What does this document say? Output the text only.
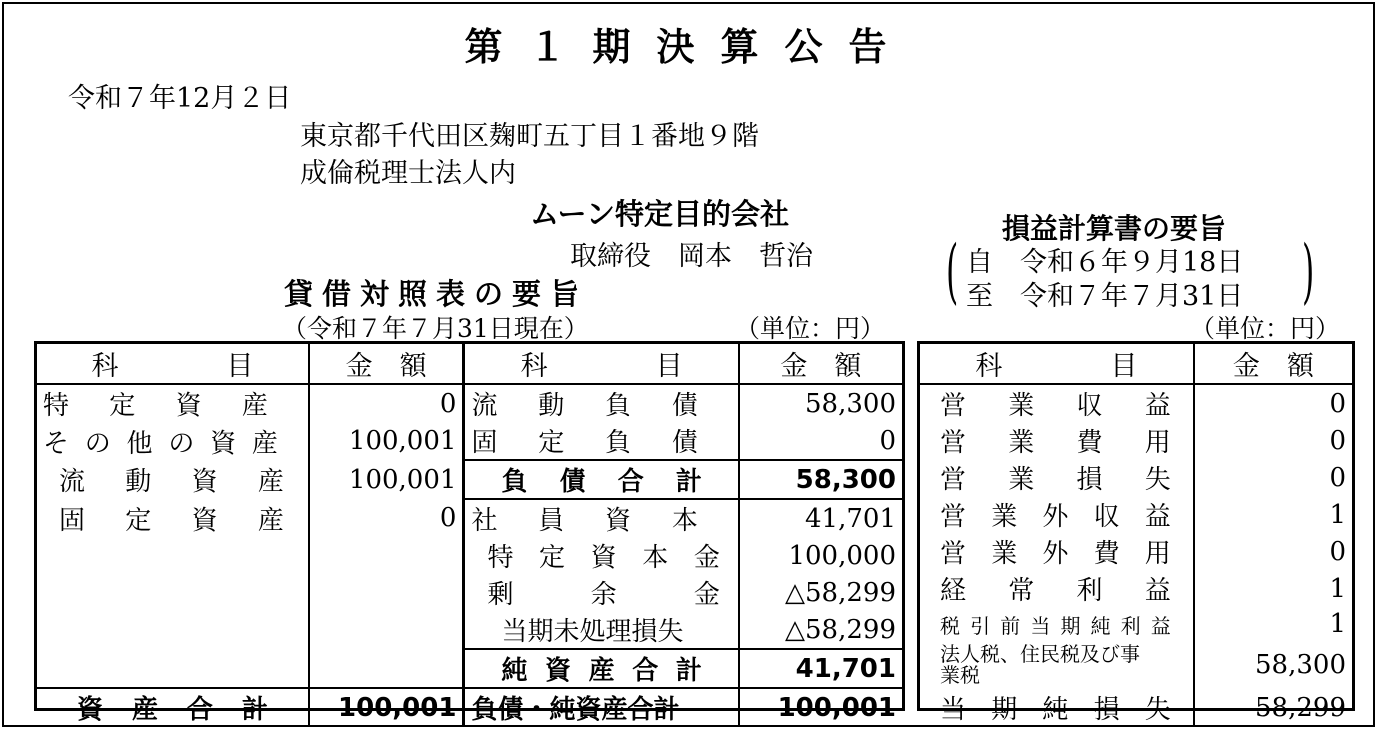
第１期決算公告
令和７年12月２日
東京都千代田区麹町五丁目１番地９階
成倫税理士法人内
ムーン特定目的会社
取締役　岡本　哲治
貸借対照表の要旨
（令和７年７月31日現在）	（単位：円）
損益計算書の要旨
( 自　令和６年９月18日
至　令和７年７月31日 )
（単位：円）
科　　　　目	金　額	科　　　　目	金　額

特定資産	0	流動負債	58,300

その他の資産	100,001	固定負債	0

流動資産	100,001	負債合計	58,300

固定資産	0	社員資本	41,701

		特定資本金	100,000

		剰余金	△58,299
		当期未処理損失	△58,299

		純資産合計	41,701

資産合計	100,001	負債・純資産合計	100,001
科　　　　目	金　額

営業収益	0

営業費用	0

営業損失	0

営業外収益	1

営業外費用	0

経常利益	1

税引前当期純利益	1

法人税、住民税及び事業税	58,300

当期純損失	58,299
